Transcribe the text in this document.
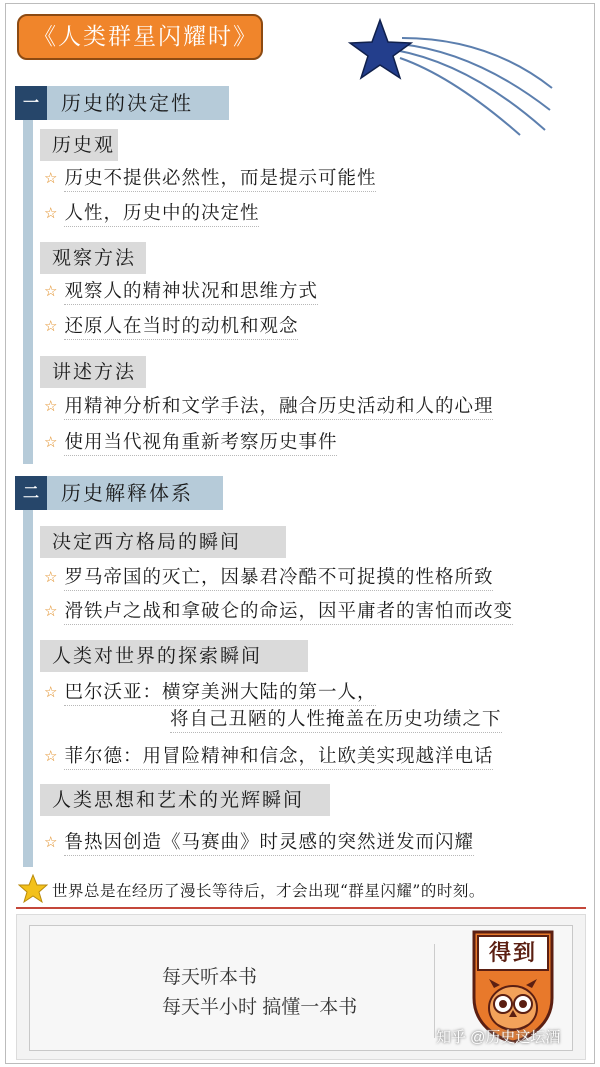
《人类群星闪耀时》
一	历史的决定性
历史观
☆ 历史不提供必然性，而是提示可能性
☆ 人性，历史中的决定性
观察方法
☆ 观察人的精神状况和思维方式
☆ 还原人在当时的动机和观念
讲述方法
☆ 用精神分析和文学手法，融合历史活动和人的心理
☆ 使用当代视角重新考察历史事件
二	历史解释体系
决定西方格局的瞬间
☆ 罗马帝国的灭亡，因暴君冷酷不可捉摸的性格所致
☆ 滑铁卢之战和拿破仑的命运，因平庸者的害怕而改变
人类对世界的探索瞬间
☆ 巴尔沃亚：横穿美洲大陆的第一人，
将自己丑陋的人性掩盖在历史功绩之下
☆ 菲尔德：用冒险精神和信念，让欧美实现越洋电话
人类思想和艺术的光辉瞬间
☆ 鲁热因创造《马赛曲》时灵感的突然迸发而闪耀
世界总是在经历了漫长等待后，才会出现“群星闪耀”的时刻。
每天听本书
每天半小时 搞懂一本书
得到
知乎 @历史这坛酒
